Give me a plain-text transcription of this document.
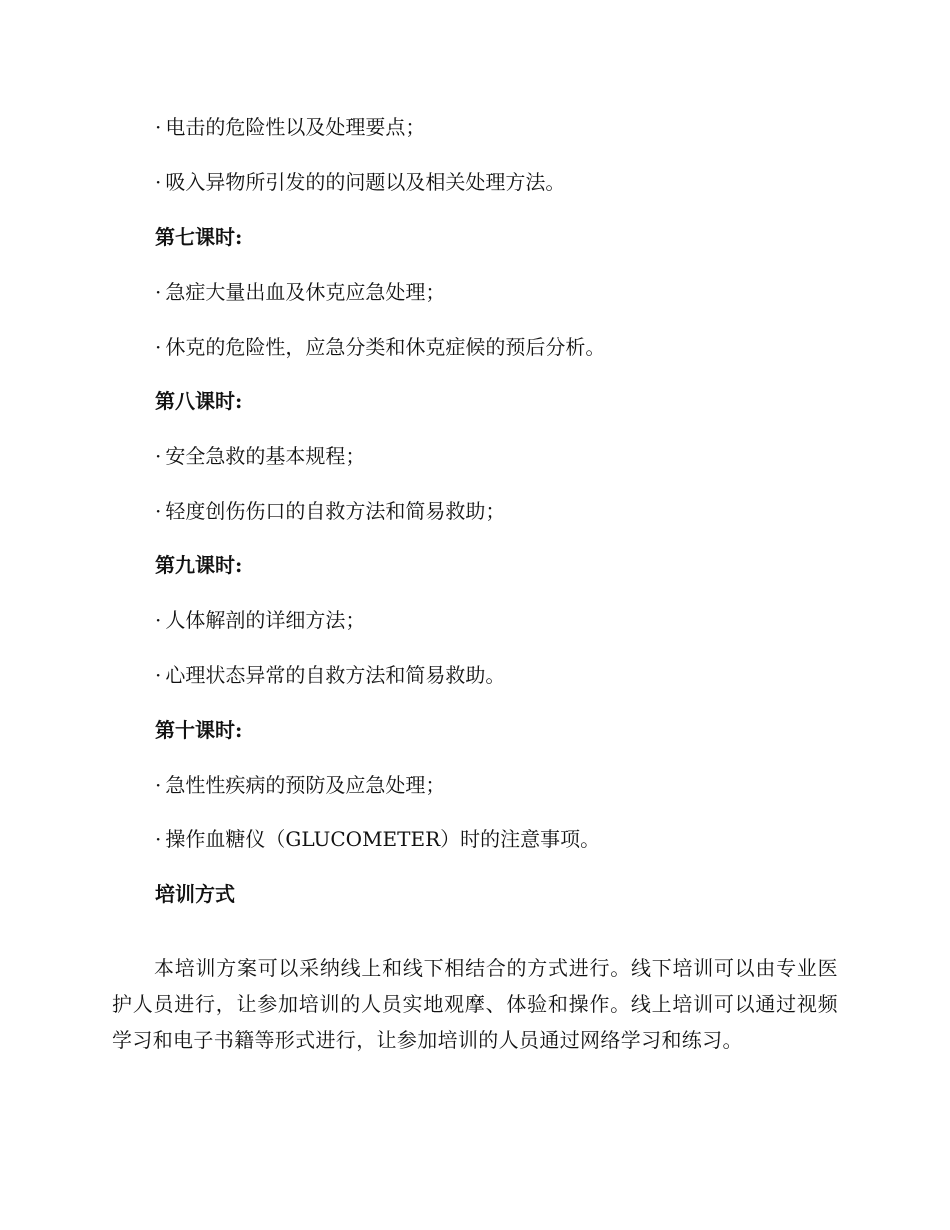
· 电击的危险性以及处理要点；
· 吸入异物所引发的的问题以及相关处理方法。
第七课时:
· 急症大量出血及休克应急处理；
· 休克的危险性，应急分类和休克症候的预后分析。
第八课时:
· 安全急救的基本规程；
· 轻度创伤伤口的自救方法和简易救助；
第九课时:
· 人体解剖的详细方法；
· 心理状态异常的自救方法和简易救助。
第十课时:
· 急性性疾病的预防及应急处理；
· 操作血糖仪（GLUCOMETER）时的注意事项。
培训方式

本培训方案可以采纳线上和线下相结合的方式进行。线下培训可以由专业医护人员进行，让参加培训的人员实地观摩、体验和操作。线上培训可以通过视频学习和电子书籍等形式进行，让参加培训的人员通过网络学习和练习。
